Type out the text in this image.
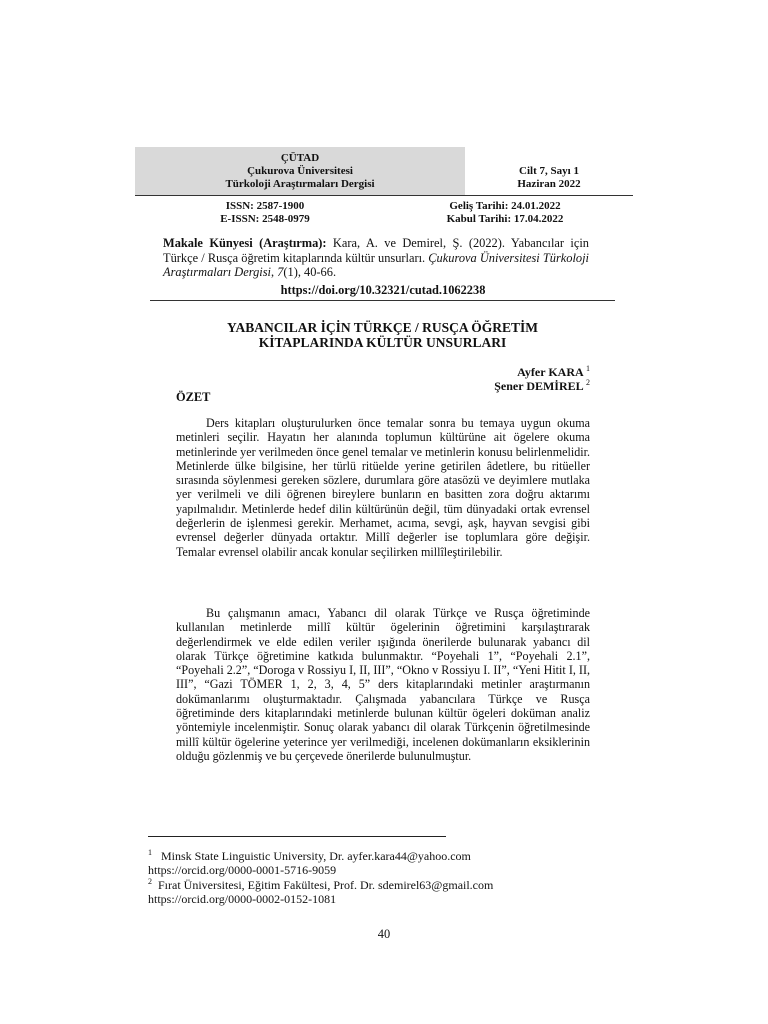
ÇÜTAD
Çukurova Üniversitesi
Türkoloji Araştırmaları Dergisi
Cilt 7, Sayı 1
Haziran 2022
ISSN: 2587-1900
E-ISSN: 2548-0979
Geliş Tarihi: 24.01.2022
Kabul Tarihi: 17.04.2022
Makale Künyesi (Araştırma): Kara, A. ve Demirel, Ş. (2022). Yabancılar için Türkçe / Rusça öğretim kitaplarında kültür unsurları. Çukurova Üniversitesi Türkoloji Araştırmaları Dergisi, 7(1), 40-66.
https://doi.org/10.32321/cutad.1062238
YABANCILAR İÇİN TÜRKÇE / RUSÇA ÖĞRETİM
KİTAPLARINDA KÜLTÜR UNSURLARI
Ayfer KARA $^1$
Şener DEMİREL $^2$
ÖZET
Ders kitapları oluşturulurken önce temalar sonra bu temaya uygun okuma metinleri seçilir. Hayatın her alanında toplumun kültürüne ait ögelere okuma metinlerinde yer verilmeden önce genel temalar ve metinlerin konusu belirlenmelidir. Metinlerde ülke bilgisine, her türlü ritüelde yerine getirilen âdetlere, bu ritüeller sırasında söylenmesi gereken sözlere, durumlara göre atasözü ve deyimlere mutlaka yer verilmeli ve dili öğrenen bireylere bunların en basitten zora doğru aktarımı yapılmalıdır. Metinlerde hedef dilin kültürünün değil, tüm dünyadaki ortak evrensel değerlerin de işlenmesi gerekir. Merhamet, acıma, sevgi, aşk, hayvan sevgisi gibi evrensel değerler dünyada ortaktır. Millî değerler ise toplumlara göre değişir. Temalar evrensel olabilir ancak konular seçilirken millîleştirilebilir.
Bu çalışmanın amacı, Yabancı dil olarak Türkçe ve Rusça öğretiminde kullanılan metinlerde millî kültür ögelerinin öğretimini karşılaştırarak değerlendirmek ve elde edilen veriler ışığında önerilerde bulunarak yabancı dil olarak Türkçe öğretimine katkıda bulunmaktır. “Poyehali 1”, “Poyehali 2.1”, “Poyehali 2.2”, “Doroga v Rossiyu I, II, III”, “Okno v Rossiyu I. II”, “Yeni Hitit I, II, III”, “Gazi TÖMER 1, 2, 3, 4, 5” ders kitaplarındaki metinler araştırmanın dokümanlarımı oluşturmaktadır. Çalışmada yabancılara Türkçe ve Rusça öğretiminde ders kitaplarındaki metinlerde bulunan kültür ögeleri doküman analiz yöntemiyle incelenmiştir. Sonuç olarak yabancı dil olarak Türkçenin öğretilmesinde millî kültür ögelerine yeterince yer verilmediği, incelenen dokümanların eksiklerinin olduğu gözlenmiş ve bu çerçevede önerilerde bulunulmuştur.
$^1$ Minsk State Linguistic University, Dr. ayfer.kara44@yahoo.com
https://orcid.org/0000-0001-5716-9059
$^2$ Fırat Üniversitesi, Eğitim Fakültesi, Prof. Dr. sdemirel63@gmail.com
https://orcid.org/0000-0002-0152-1081
40
